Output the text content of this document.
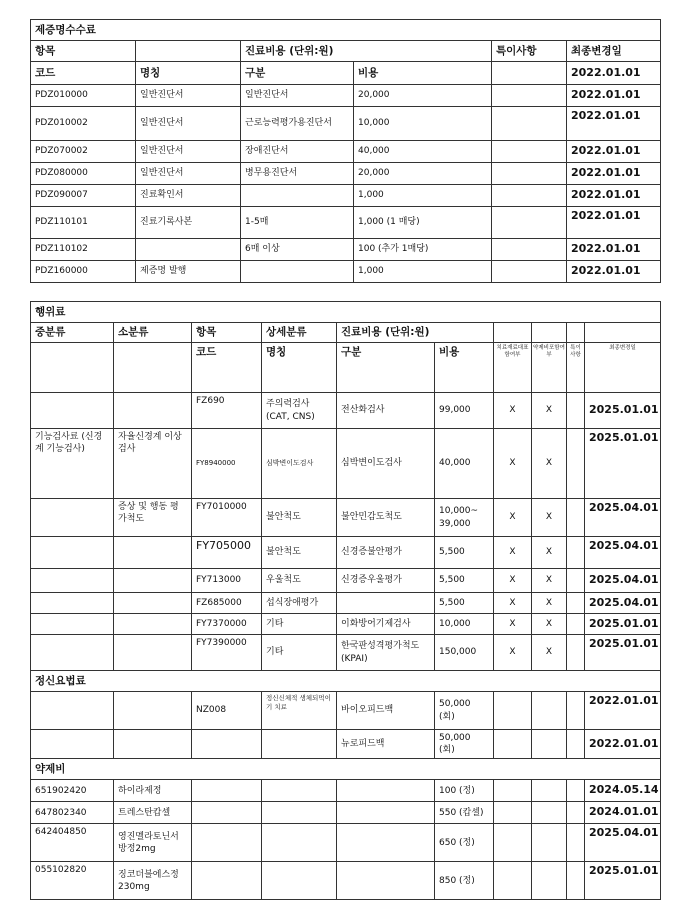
제증명수수료					
항목		진료비용 (단위:원)		특이사항	최종변경일
코드	명칭	구분	비용		2022.01.01
PDZ010000	일반진단서	일반진단서	20,000		2022.01.01
PDZ010002	일반진단서	근로능력평가용진단서	10,000		2022.01.01
PDZ070002	일반진단서	장애진단서	40,000		2022.01.01
PDZ080000	일반진단서	병무용진단서	20,000		2022.01.01
PDZ090007	진료확인서		1,000		2022.01.01
PDZ110101	진료기록사본	1-5매	1,000 (1 매당)		2022.01.01
PDZ110102		6매 이상	100 (추가 1매당)		2022.01.01
PDZ160000	제증명 발행		1,000		2022.01.01
행위료									
중분류	소분류	항목	상세분류	진료비용 (단위:원)					
		코드	명칭	구분	비용	치료재료대표함여부	약제비포함여부	특이사항	최종변경일
		FZ690	주의력검사 (CAT, CNS)	전산화검사	99,000	X	X		2025.01.01
기능검사료 (신경계 기능검사)	자율신경계 이상검사	FY8940000	심박변이도검사	심박변이도검사	40,000	X	X		2025.01.01
	증상 및 행동 평가척도	FY7010000	불안척도	불안민감도척도	10,000~ 39,000	X	X		2025.04.01
		FY705000	불안척도	신경증불안평가	5,500	X	X		2025.04.01
		FY713000	우울척도	신경증우울평가	5,500	X	X		2025.04.01
		FZ685000	섭식장애평가		5,500	X	X		2025.04.01
		FY7370000	기타	이화방어기제검사	10,000	X	X		2025.01.01
		FY7390000	기타	한국판성격평가척도 (KPAI)	150,000	X	X		2025.01.01
정신요법료									
		NZ008	정신신체적 생체되먹이기 치료	바이오피드백	50,000 (회)				2022.01.01
				뉴로피드백	50,000 (회)				2022.01.01
약제비									
651902420	하이라제정				100 (정)				2024.05.14
647802340	트레스탄캅셀				550 (캅셀)				2024.01.01
642404850	영진멜라토닌서방정2mg				650 (정)				2025.04.01
055102820	징코더블에스정 230mg				850 (정)				2025.01.01
